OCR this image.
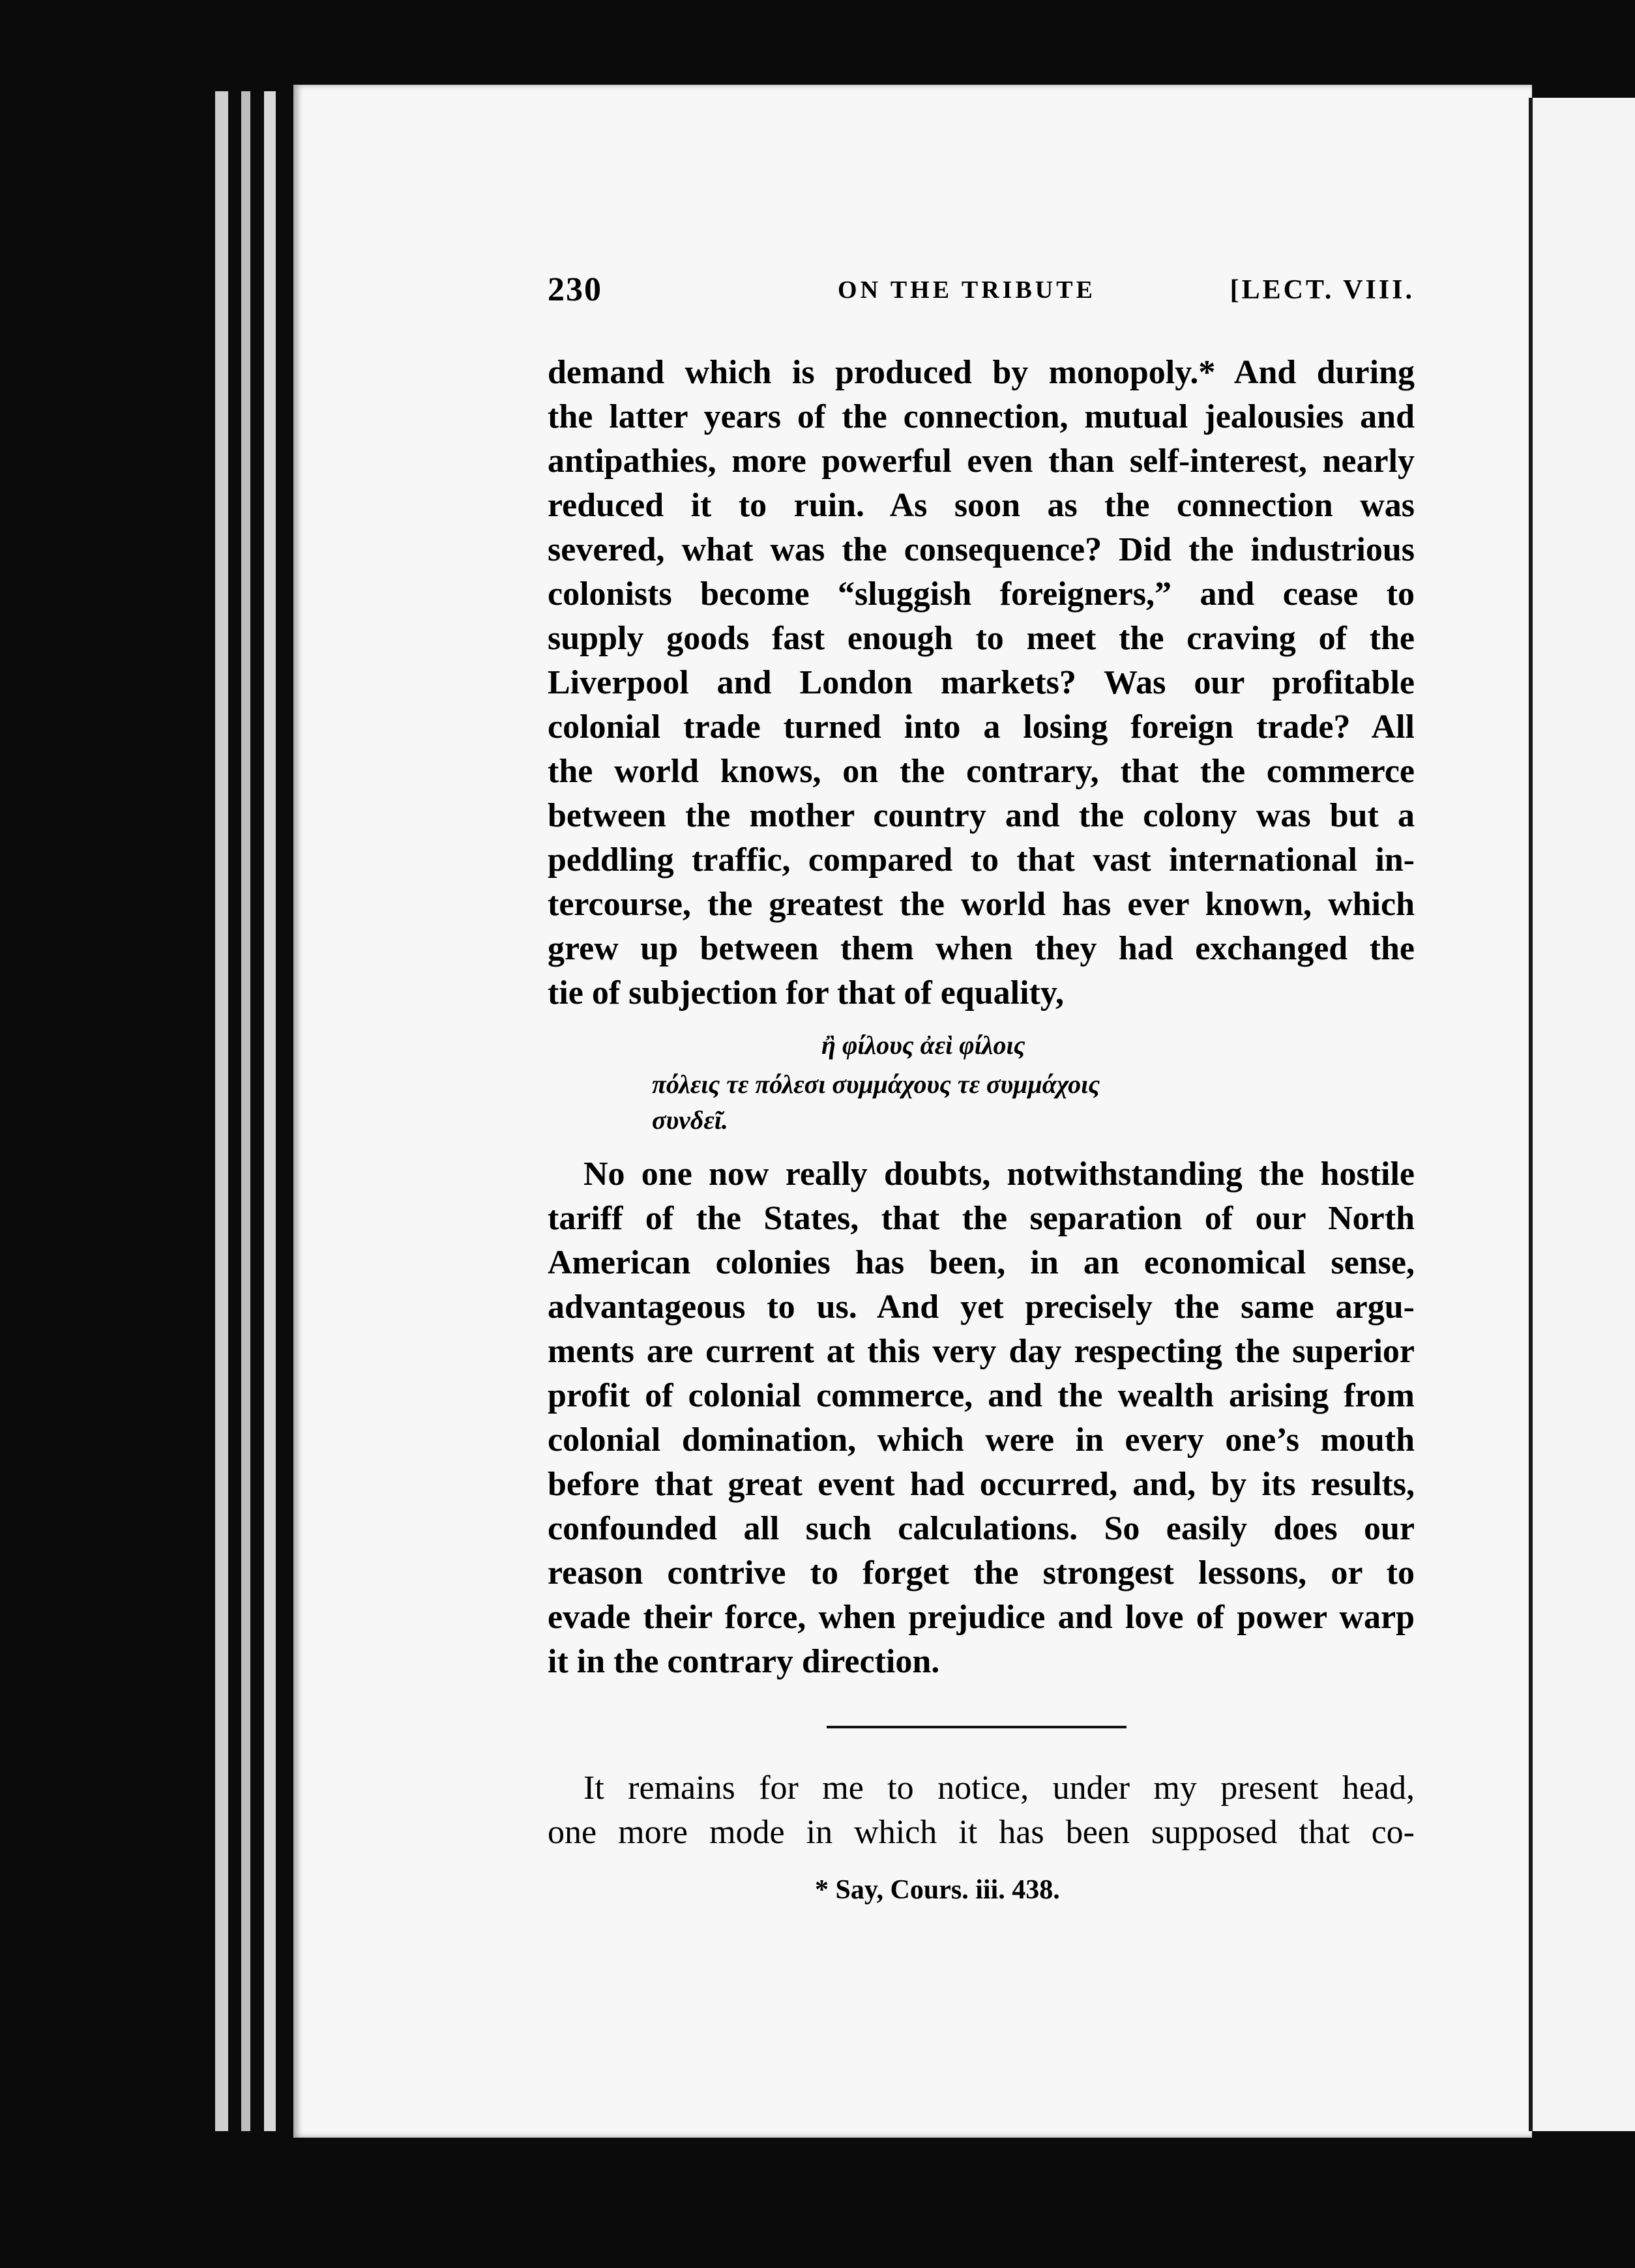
230	ON THE TRIBUTE	[LECT. VIII.
demand which is produced by monopoly.* And during
the latter years of the connection, mutual jealousies and
antipathies, more powerful even than self-interest, nearly
reduced it to ruin. As soon as the connection was
severed, what was the consequence? Did the industrious
colonists become “sluggish foreigners,” and cease to
supply goods fast enough to meet the craving of the
Liverpool and London markets? Was our profitable
colonial trade turned into a losing foreign trade? All
the world knows, on the contrary, that the commerce
between the mother country and the colony was but a
peddling traffic, compared to that vast international in-
tercourse, the greatest the world has ever known, which
grew up between them when they had exchanged the
tie of subjection for that of equality,
ἢ φίλους ἀεὶ φίλοις
πόλεις τε πόλεσι συμμάχους τε συμμάχοις
συνδεῖ.
No one now really doubts, notwithstanding the hostile
tariff of the States, that the separation of our North
American colonies has been, in an economical sense,
advantageous to us. And yet precisely the same argu-
ments are current at this very day respecting the superior
profit of colonial commerce, and the wealth arising from
colonial domination, which were in every one’s mouth
before that great event had occurred, and, by its results,
confounded all such calculations. So easily does our
reason contrive to forget the strongest lessons, or to
evade their force, when prejudice and love of power warp
it in the contrary direction.
It remains for me to notice, under my present head,
one more mode in which it has been supposed that co-
* Say, Cours. iii. 438.
